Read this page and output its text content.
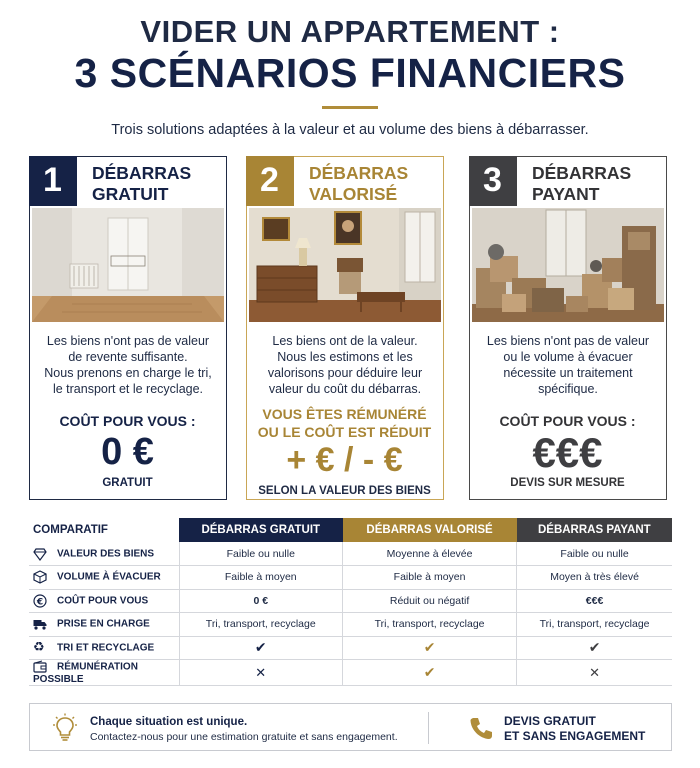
VIDER UN APPARTEMENT :
3 SCÉNARIOS FINANCIERS
Trois solutions adaptées à la valeur et au volume des biens à débarrasser.
1	DÉBARRAS
GRATUIT
Les biens n'ont pas de valeur
de revente suffisante.
Nous prenons en charge le tri,
le transport et le recyclage.
COÛT POUR VOUS :
0 €
GRATUIT
2	DÉBARRAS
VALORISÉ
Les biens ont de la valeur.
Nous les estimons et les
valorisons pour déduire leur
valeur du coût du débarras.
VOUS ÊTES RÉMUNÉRÉ
OU LE COÛT EST RÉDUIT
+ € / - €
SELON LA VALEUR DES BIENS
3	DÉBARRAS
PAYANT
Les biens n'ont pas de valeur
ou le volume à évacuer
nécessite un traitement
spécifique.
COÛT POUR VOUS :
€€€
DEVIS SUR MESURE
COMPARATIF	DÉBARRAS GRATUIT	DÉBARRAS VALORISÉ	DÉBARRAS PAYANT
VALEUR DES BIENS	Faible ou nulle	Moyenne à élevée	Faible ou nulle
VOLUME À ÉVACUER	Faible à moyen	Faible à moyen	Moyen à très élevé

€ COÛT POUR VOUS	0 €	Réduit ou négatif	€€€
PRISE EN CHARGE	Tri, transport, recyclage	Tri, transport, recyclage	Tri, transport, recyclage
♻ TRI ET RECYCLAGE	✔	✔	✔
RÉMUNÉRATION POSSIBLE	✕	✔	✕
Chaque situation est unique.
Contactez-nous pour une estimation gratuite et sans engagement.
DEVIS GRATUIT
ET SANS ENGAGEMENT
